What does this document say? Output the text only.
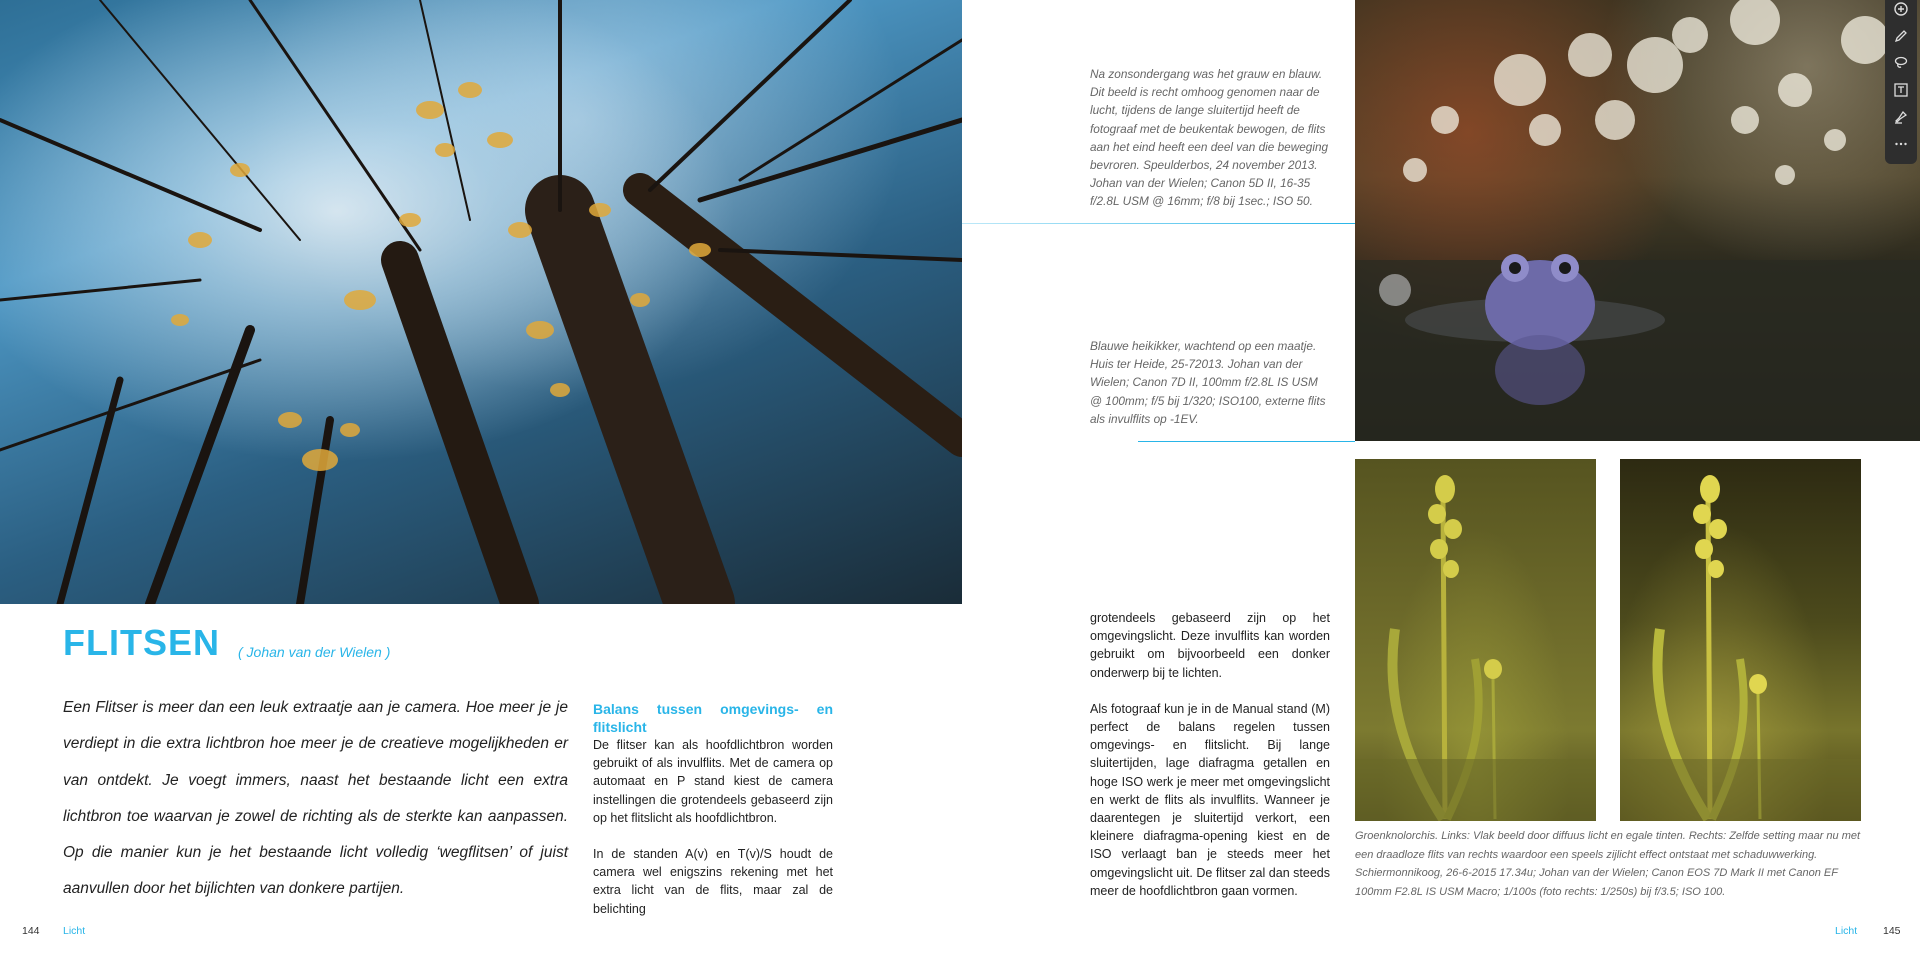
FLITSEN ( Johan van der Wielen )
Een Flitser is meer dan een leuk extraatje aan je camera. Hoe meer je je verdiept in die extra lichtbron hoe meer je de creatieve mogelijkheden er van ontdekt. Je voegt immers, naast het bestaande licht een extra lichtbron toe waarvan je zowel de richting als de sterkte kan aanpassen. Op die manier kun je het bestaande licht volledig ‘wegflitsen’ of juist aanvullen door het bijlichten van donkere partijen.

Balans tussen omgevings- en flitslicht

De flitser kan als hoofdlichtbron worden gebruikt of als invulflits. Met de camera op automaat en P stand kiest de camera instellingen die grotendeels gebaseerd zijn op het flitslicht als hoofdlichtbron.

In de standen A(v) en T(v)/S houdt de camera wel enigszins rekening met het extra licht van de flits, maar zal de belichting

grotendeels gebaseerd zijn op het omgevingslicht. Deze invulflits kan worden gebruikt om bijvoorbeeld een donker onderwerp bij te lichten.

Als fotograaf kun je in de Manual stand (M) perfect de balans regelen tussen omgevings- en flitslicht. Bij lange sluitertijden, lage diafragma getallen en hoge ISO werk je meer met omgevingslicht en werkt de flits als invulflits. Wanneer je daarentegen je sluitertijd verkort, een kleinere diafragma-opening kiest en de ISO verlaagt ban je steeds meer het omgevingslicht uit. De flitser zal dan steeds meer de hoofdlichtbron gaan vormen.

Na zonsondergang was het grauw en blauw. Dit beeld is recht omhoog genomen naar de lucht, tijdens de lange sluitertijd heeft de fotograaf met de beukentak bewogen, de flits aan het eind heeft een deel van die beweging bevroren. Speulderbos, 24 november 2013. Johan van der Wielen; Canon 5D II, 16-35 f/2.8L USM @ 16mm; f/8 bij 1sec.; ISO 50.
Blauwe heikikker, wachtend op een maatje. Huis ter Heide, 25-72013. Johan van der Wielen; Canon 7D II, 100mm f/2.8L IS USM @ 100mm; f/5 bij 1/320; ISO100, externe flits als invulflits op -1EV.
Groenknolorchis. Links: Vlak beeld door diffuus licht en egale tinten. Rechts: Zelfde setting maar nu met een draadloze flits van rechts waardoor een speels zijlicht effect ontstaat met schaduwwerking. Schiermonnikoog, 26-6-2015 17.34u; Johan van der Wielen; Canon EOS 7D Mark II met Canon EF 100mm F2.8L IS USM Macro; 1/100s (foto rechts: 1/250s) bij f/3.5; ISO 100.
144 Licht	Licht 145
